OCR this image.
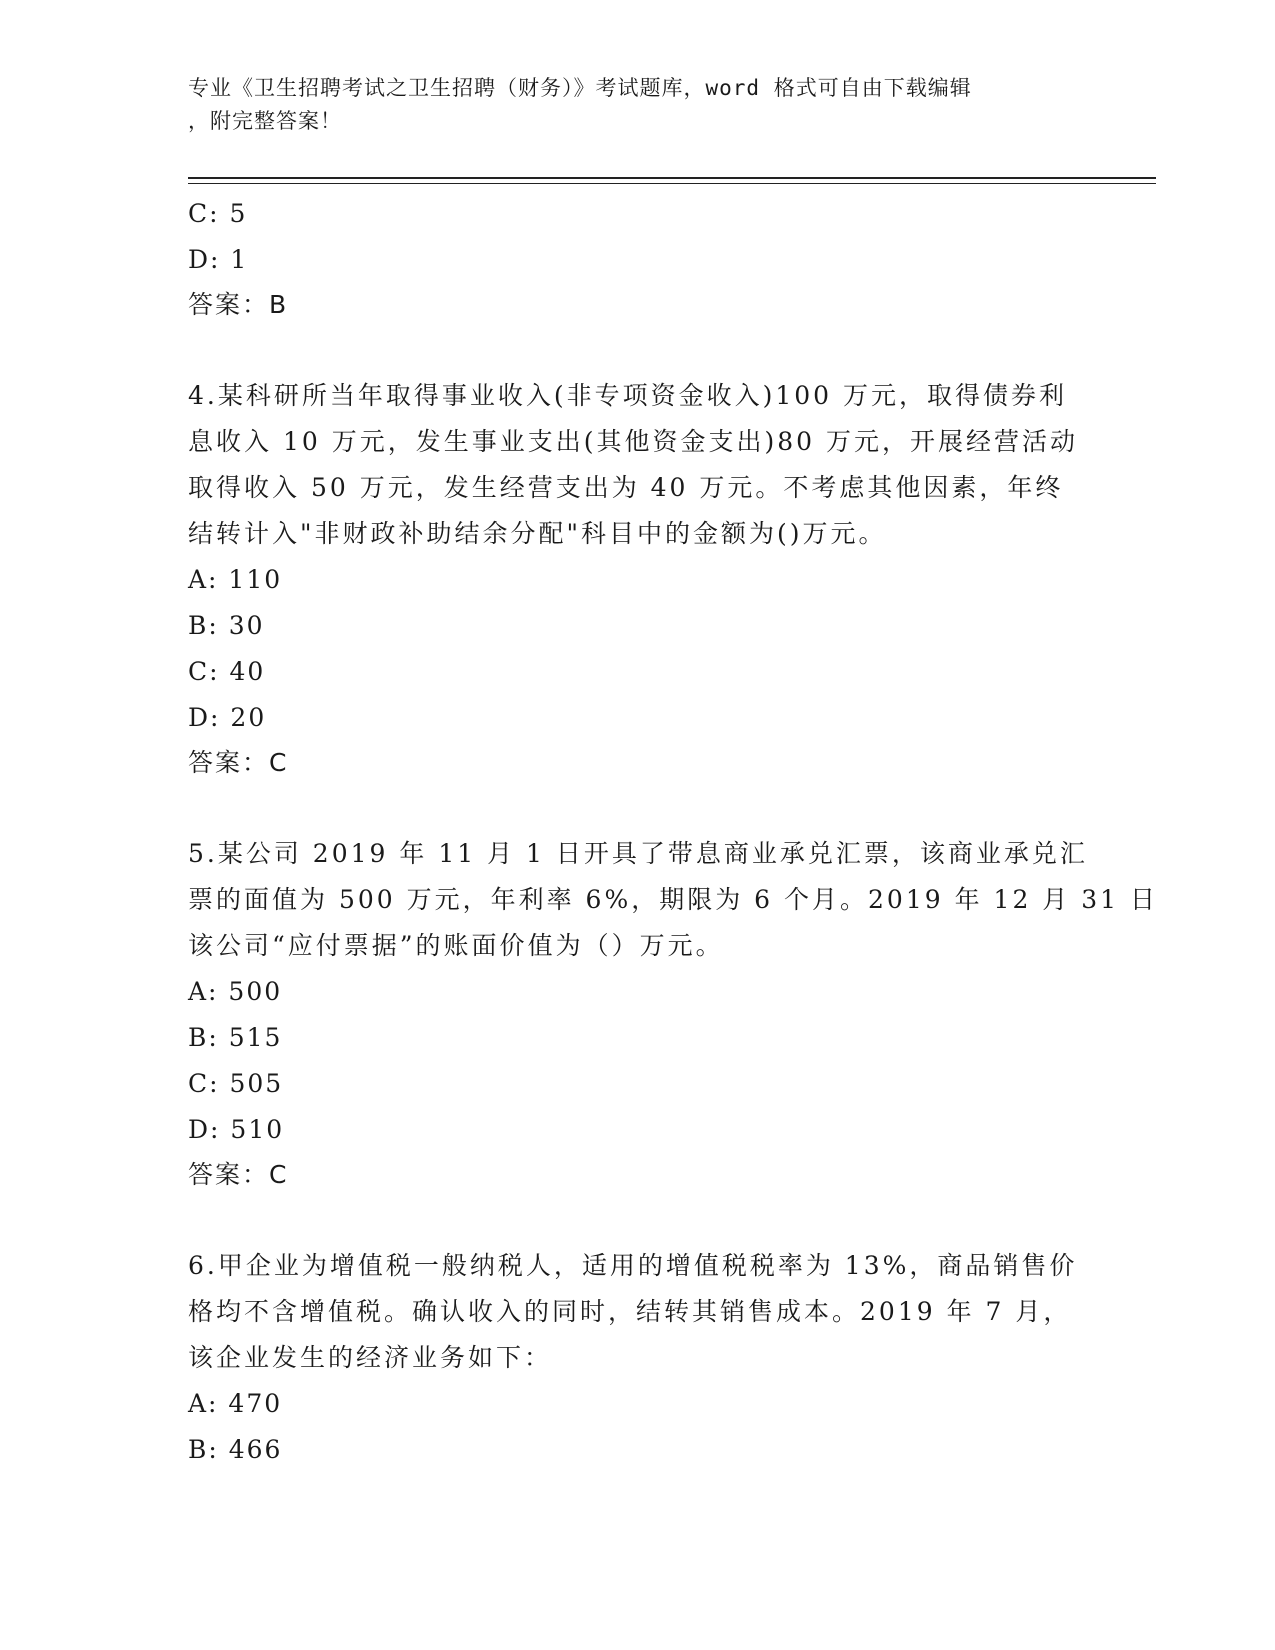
专业《卫生招聘考试之卫生招聘（财务）》考试题库，word 格式可自由下载编辑
，附完整答案！
C: 5
D: 1
答案：B
4.某科研所当年取得事业收入(非专项资金收入)100 万元，取得债券利
息收入 10 万元，发生事业支出(其他资金支出)80 万元，开展经营活动
取得收入 50 万元，发生经营支出为 40 万元。不考虑其他因素，年终
结转计入"非财政补助结余分配"科目中的金额为()万元。
A: 110
B: 30
C: 40
D: 20
答案：C
5.某公司 2019 年 11 月 1 日开具了带息商业承兑汇票，该商业承兑汇
票的面值为 500 万元，年利率 6%，期限为 6 个月。2019 年 12 月 31 日
该公司“应付票据”的账面价值为（）万元。
A: 500
B: 515
C: 505
D: 510
答案：C
6.甲企业为增值税一般纳税人，适用的增值税税率为 13%，商品销售价
格均不含增值税。确认收入的同时，结转其销售成本。2019 年 7 月，
该企业发生的经济业务如下：
A: 470
B: 466
